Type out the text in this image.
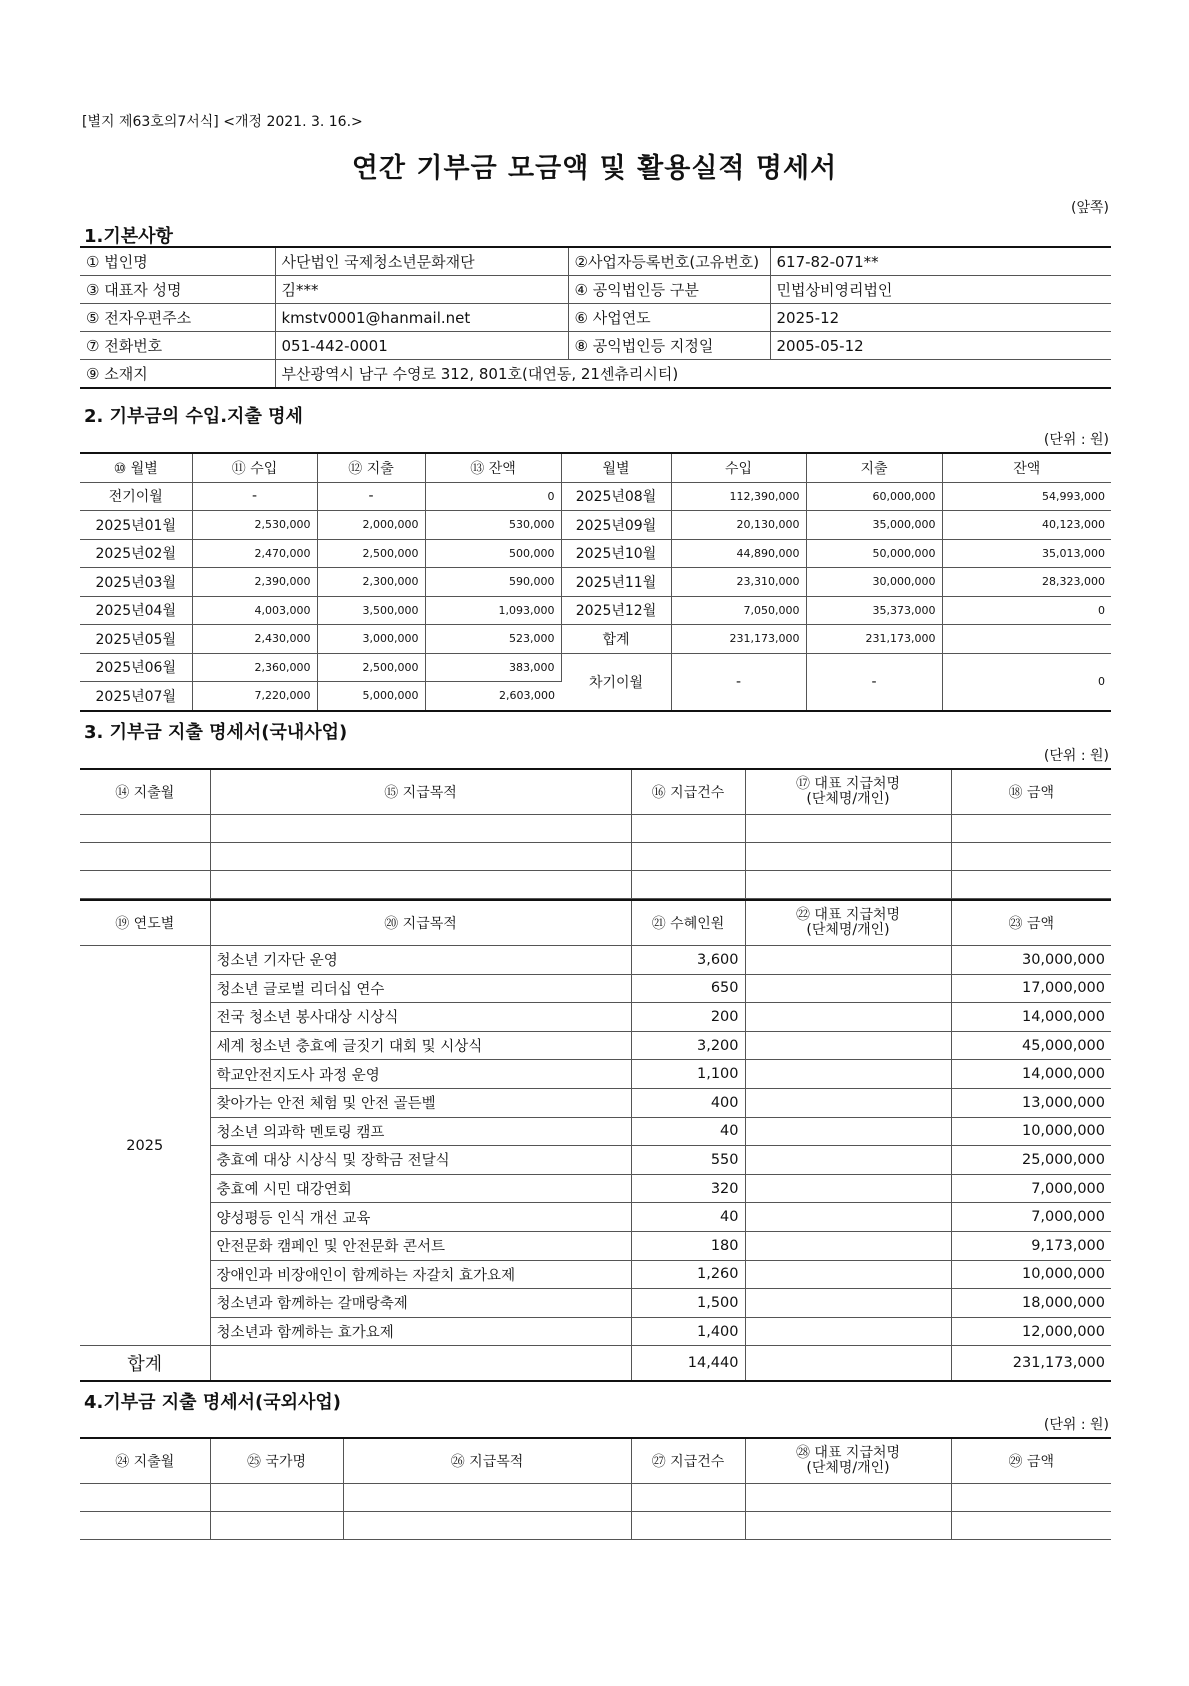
[별지 제63호의7서식] <개정 2021. 3. 16.>
연간 기부금 모금액 및 활용실적 명세서
(앞쪽)
1.기본사항
① 법인명	사단법인 국제청소년문화재단	②사업자등록번호(고유번호)	617-82-071**
③ 대표자 성명	김***	④ 공익법인등 구분	민법상비영리법인
⑤ 전자우편주소	kmstv0001@hanmail.net	⑥ 사업연도	2025-12
⑦ 전화번호	051-442-0001	⑧ 공익법인등 지정일	2005-05-12
⑨ 소재지	부산광역시 남구 수영로 312, 801호(대연동, 21센츄리시티)		
2. 기부금의 수입.지출 명세
(단위 : 원)
⑩ 월별	⑪ 수입	⑫ 지출	⑬ 잔액	월별	수입	지출	잔액
전기이월	-	-	0	2025년08월	112,390,000	60,000,000	54,993,000
2025년01월	2,530,000	2,000,000	530,000	2025년09월	20,130,000	35,000,000	40,123,000
2025년02월	2,470,000	2,500,000	500,000	2025년10월	44,890,000	50,000,000	35,013,000
2025년03월	2,390,000	2,300,000	590,000	2025년11월	23,310,000	30,000,000	28,323,000
2025년04월	4,003,000	3,500,000	1,093,000	2025년12월	7,050,000	35,373,000	0
2025년05월	2,430,000	3,000,000	523,000	합계	231,173,000	231,173,000	
2025년06월	2,360,000	2,500,000	383,000	차기이월	-	-	0
2025년07월	7,220,000	5,000,000	2,603,000				
3. 기부금 지출 명세서(국내사업)
(단위 : 원)
⑭ 지출월	⑮ 지급목적	⑯ 지급건수	⑰ 대표 지급처명
(단체명/개인)	⑱ 금액

⑲ 연도별	⑳ 지급목적	㉑ 수혜인원	㉒ 대표 지급처명
(단체명/개인)	㉓ 금액
2025	청소년 기자단 운영	3,600		30,000,000
	청소년 글로벌 리더십 연수	650		17,000,000
	전국 청소년 봉사대상 시상식	200		14,000,000
	세계 청소년 충효예 글짓기 대회 및 시상식	3,200		45,000,000
	학교안전지도사 과정 운영	1,100		14,000,000
	찾아가는 안전 체험 및 안전 골든벨	400		13,000,000
	청소년 의과학 멘토링 캠프	40		10,000,000
	충효예 대상 시상식 및 장학금 전달식	550		25,000,000
	충효예 시민 대강연회	320		7,000,000
	양성평등 인식 개선 교육	40		7,000,000
	안전문화 캠페인 및 안전문화 콘서트	180		9,173,000
	장애인과 비장애인이 함께하는 자갈치 효가요제	1,260		10,000,000
	청소년과 함께하는 갈매랑축제	1,500		18,000,000
	청소년과 함께하는 효가요제	1,400		12,000,000
합계		14,440		231,173,000
4.기부금 지출 명세서(국외사업)
(단위 : 원)
㉔ 지출월	㉕ 국가명	㉖ 지급목적	㉗ 지급건수	㉘ 대표 지급처명
(단체명/개인)	㉙ 금액
